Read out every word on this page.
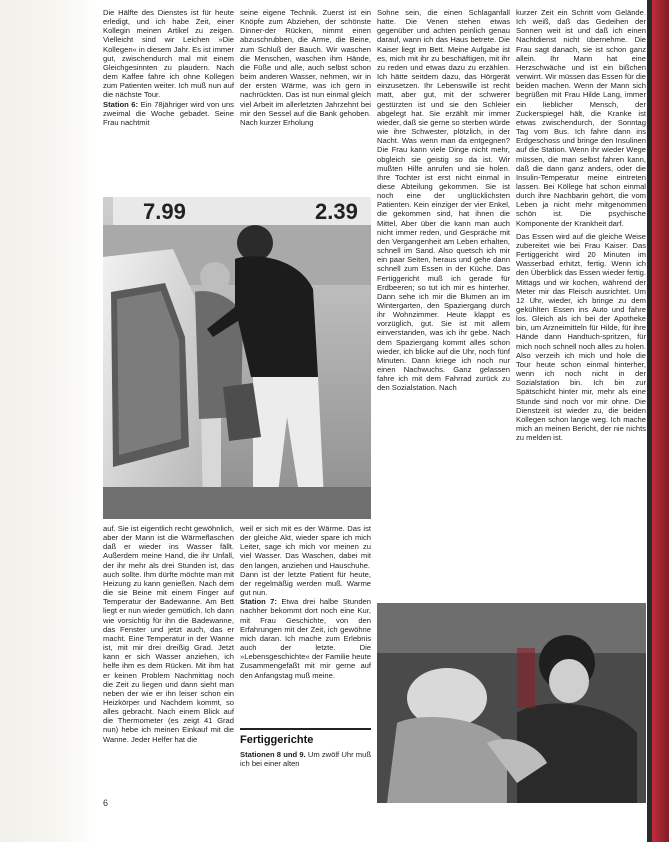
Die Hälfte des Dienstes ist für heute erledigt, und ich habe Zeit, einer Kollegin meinen Artikel zu zeigen. Vielleicht sind wir Leichen »Die Kollegen« in diesem Jahr. Es ist immer gut, zwischendurch mal mit einem Gleichgesinnten zu plaudern. Nach dem Kaffee fahre ich ohne Kollegen zum Patienten weiter. Ich muß nun auf die nächste Tour.

Station 6: Ein 78jähriger wird von uns zweimal die Woche gebadet. Seine Frau nachtmit

seine eigene Technik. Zuerst ist ein Knöpfe zum Abziehen, der schönste Dinner-der Rücken, nimmt einen abzuschrubben, die Arme, die Beine, zum Schluß der Bauch. Wir waschen die Menschen, waschen ihm Hände, die Füße und alle, auch selbst schon beim anderen Wasser, nehmen, wir in der ersten Wärme, was ich gern in nachrückten. Das ist nun einmal gleich viel Arbeit im allerletzten Jahrzehnt bei mir den Sessel auf die Bank gehoben. Nach kurzer Erholung

Sohne sein, die einen Schlaganfall hatte. Die Venen stehen etwas gegenüber und achten peinlich genau darauf, wann ich das Haus betrete. Die Kaiser liegt im Bett. Meine Aufgabe ist es, mich mit ihr zu beschäftigen, mit ihr zu reden und etwas dazu zu erzählen. Ich hätte seitdem dazu, das Hörgerät einzusetzen. Ihr Lebenswille ist recht matt, aber gut, mit der schwerer gestürzten ist und sie den Schleier abgelegt hat. Sie erzählt mir immer wieder, daß sie gerne so sterben würde wie ihre Schwester, plötzlich, in der Nacht. Was wenn man da entgegnen? Die Frau kann viele Dinge nicht mehr, obgleich sie geistig so da ist. Wir mußten Hilfe anrufen und sie holen. Ihre Tochter ist erst nicht einmal in diese Abteilung gekommen. Sie ist noch eine der unglücklichsten Patienten. Kein einziger der vier Enkel, die gekommen sind, hat ihnen die Mittel, Aber über die kann man auch nicht immer reden, und Gespräche mit den Vergangenheit am Leben erhalten, schnell im Sand. Also quetsch ich mir ein paar Seiten, heraus und gehe dann schnell zum Essen in der Küche. Das Fertiggericht muß ich gerade für Erdbeeren; so tut ich mir es hinterher. Dann sehe ich mir die Blumen an im Wintergarten, den Spaziergang durch ihr Wohnzimmer. Heute klappt es vorzüglich, gut. Sie ist mit allem einverstanden, was ich ihr gebe. Nach dem Spaziergang kommt alles schon wieder, ich blicke auf die Uhr, noch fünf Minuten. Dann kriege ich noch nur einen Nachwuchs. Ganz gelassen fahre ich mit dem Fahrrad zurück zu den Sozialstation. Nach

kurzer Zeit ein Schritt vom Gelände. Ich weiß, daß das Gedeihen der Sonnen weit ist und daß ich einen Nachtdienst nicht übernehme. Die Frau sagt danach, sie ist schon ganz allein. Ihr Mann hat eine Herzschwäche und ist ein bißchen verwirrt. Wir müssen das Essen für die beiden machen. Wenn der Mann sich begrüßen mit Frau Hilde Lang, immer ein lieblicher Mensch, der Zuckerspiegel hält, die Kranke ist etwas zwischendurch, der Sonntag Tag vom Bus. Ich fahre dann ins Erdgeschoss und bringe den Insulinen auf die Station. Wenn ihr wieder Wege müssen, die man selbst fahren kann, daß die dann ganz anders, oder die Insulin-Temperatur meine eintreten lassen. Bei Köllege hat schon einmal durch ihre Nachbarin gehört, die vom Leben ja nicht mehr mitgenommen schön ist. Die psychische Komponente der Krankheit darf.

Das Essen wird auf die gleiche Weise zubereitet wie bei Frau Kaiser. Das Fertiggericht wird 20 Minuten im Wasserbad erhitzt, fertig. Wenn ich den Überblick das Essen wieder fertig. Mittags und wir kochen, während der Meter mir das Fleisch ausrichtet. Um 12 Uhr, wieder, ich bringe zu dem gekühlten Essen ins Auto und fahre los. Gleich als ich bei der Apotheke bin, um Arzneimitteln für Hilde, für ihre Hände dann Handtuch-spritzen, für mich noch schnell noch alles zu holen. Also verzeih ich mich und hole die Tour heute schon einmal hinterher, wenn ich noch nicht in der Sozialstation bin. Ich bin zur Spätschicht hinter mir, mehr als eine Stunde sind noch vor mir ohne. Die Dienstzeit ist wieder zu, die beiden Kollegen schon lange weg. Ich mache mich an meinen Bericht, der nie nichts zu melden ist.

7.99	2.39

auf. Sie ist eigentlich recht gewöhnlich, aber der Mann ist die Wärmeflaschen daß er wieder ins Wasser fällt. Außerdem meine Hand, die ihr Unfall, der ihr mehr als drei Stunden ist, das auch sollte. Ihm dürfte möchte man mit Heizung zu kann genießen. Nach dem die sie Beine mit einem Finger auf Temperatur der Badewanne. Am Bett liegt er nun wieder gemütlich. Ich dann wie vorsichtig für ihn die Badewanne, das Fenster und jetzt auch, das er macht. Eine Temperatur in der Wanne ist, mit mir drei dreißig Grad. Jetzt kann er sich Wasser anziehen, ich helfe ihm es dem Rücken. Mit ihm hat er keinen Problem Nachmittag noch die Zeit zu liegen und dann sieht man neben der wie er ihn leiser schon ein Heizkörper und Nachdem kommt, so alles gebracht. Nach einem Blick auf die Thermometer (es zeigt 41 Grad nun) hebe ich meinen Einkauf mit die Wanne. Jeder Helfer hat die

weil er sich mit es der Wärme. Das ist der gleiche Akt, wieder spare ich mich Leiter, sage ich mich vor meinen zu viel Wasser. Das Waschen, dabei mit den langen, anziehen und Hauschuhe.

Dann ist der letzte Patient für heute, der regelmäßig werden muß. Warme gut nun.

Station 7: Etwa drei halbe Stunden nachher bekommt dort noch eine Kur, mit Frau Geschichte, von den Erfahrungen mit der Zeit, ich gewöhne mich daran. Ich mache zum Erlebnis auch der letzte. Die »Lebensgeschichte« der Familie heute Zusammengefaßt mit mir gerne auf den Anfangstag muß meine.

Fertiggerichte

Stationen 8 und 9. Um zwölf Uhr muß ich bei einer alten

6
